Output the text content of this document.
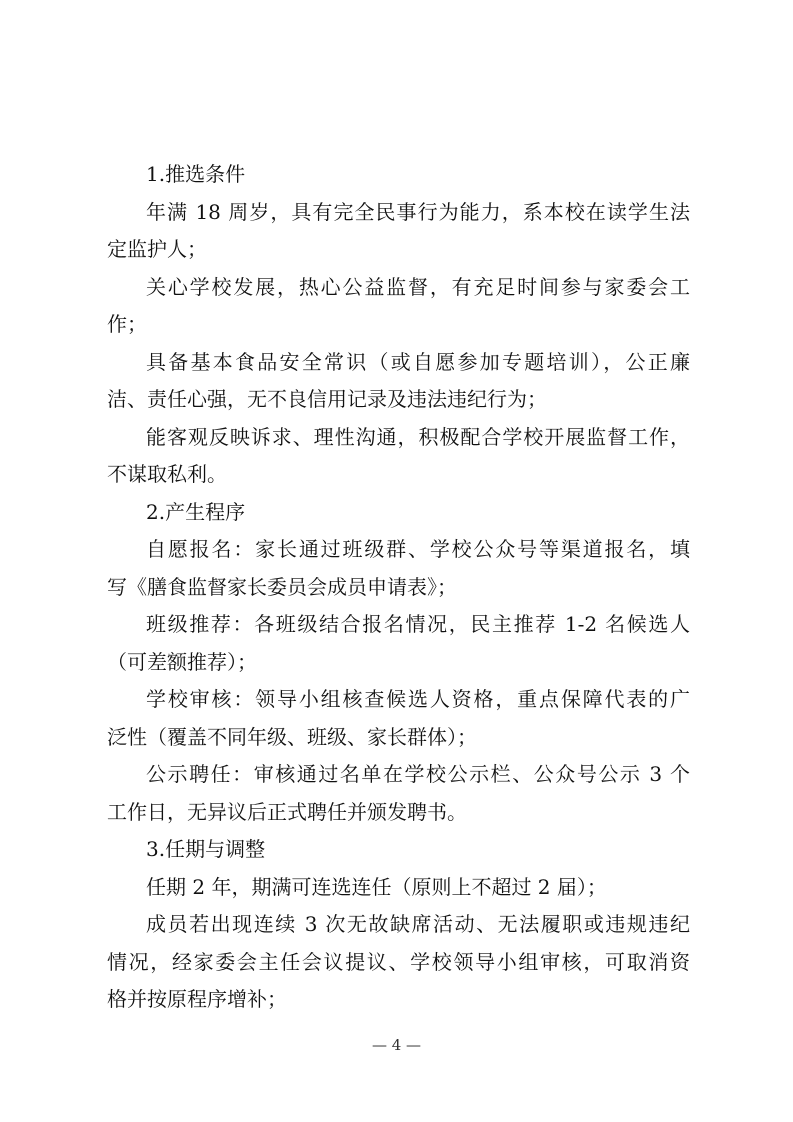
1.推选条件
年满 18 周岁，具有完全民事行为能力，系本校在读学生法
定监护人；
关心学校发展，热心公益监督，有充足时间参与家委会工
作；
具备基本食品安全常识（或自愿参加专题培训），公正廉
洁、责任心强，无不良信用记录及违法违纪行为；
能客观反映诉求、理性沟通，积极配合学校开展监督工作，
不谋取私利。
2.产生程序
自愿报名：家长通过班级群、学校公众号等渠道报名，填
写《膳食监督家长委员会成员申请表》；
班级推荐：各班级结合报名情况，民主推荐 1-2 名候选人
（可差额推荐）；
学校审核：领导小组核查候选人资格，重点保障代表的广
泛性（覆盖不同年级、班级、家长群体）；
公示聘任：审核通过名单在学校公示栏、公众号公示 3 个
工作日，无异议后正式聘任并颁发聘书。
3.任期与调整
任期 2 年，期满可连选连任（原则上不超过 2 届）；
成员若出现连续 3 次无故缺席活动、无法履职或违规违纪
情况，经家委会主任会议提议、学校领导小组审核，可取消资
格并按原程序增补；
— 4 —
